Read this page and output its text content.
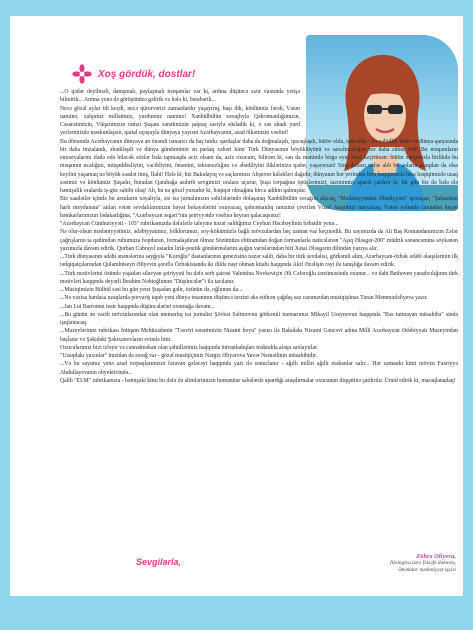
Xoş gördük, dostlar!

...O qədər deyilməli, danışmalı, paylaşmalı məqamlar var ki, ardına düşüncə sızır vaxtında yetişə bilmirik... Amma yenə də görüşünüzə gəlirik və hələ ki, bərabərik...

Necə gözəl aylar idi keçdi, necə qürurverici zamanlardır yaşayırıq, başı dik, könlümüz fərəh, Vətən namino, xalqımız millətimiz, yurdumuz namino! Xanbülbülün soraqlıyla Qəhrəmanlığımızın, Cəsarətimizin, Vüqarımızın ramzı Şuşanı sənətimizin şaqraq səsiylə süsladik ki, o səs abadı yurd yerlərimizdə məskunlaşsın, qartal uçuşuyla dünyaya yayısın Azərbaycanın, azad ölkəmizin vəsfini!

Bu dönəmdə Azərbaycanın dünyaya an önəmli ismarıcı da baş tutdu: qardaşlar daha da doğmalaşdı, qucaqlaşdı, bütöv oldu, tam oldu - bu vahidlik Tanrı və dünya qarşısında bir daha imzalandı, əbədiləşdi və dünya gündəminin ən parlaq xəbəri kimi Türk Dünyasının böyüklüyünü və sarsılmazlığını bir daha sübut etdi! Bu məqamların emosiyalarını ifadə edə biləcək sözlər bəla tapmaqda aciz olsam da, aziz oxucum, bilirəm ki, sən da mənimlə birgə eyni hissi keçirirsən: bütün xalqımızla birlikdə bu məqamın ucalığını, müqəddəsliyini, vacibliyini, önəmini, təkrarsızlığını və əbədiliyini iliklərinizə qədər, yaşayırsan! Sina dolusu nəfəs alıb bu anların uzaqdan da olsa keyfini yaşamaq nə böyük səadət imiş, İlahi! Hələ ki, biz Bakıdayıq və saçlarımızı Abşeron küləkləri dağıdır, dünyanın hər yerindən bizə həqqimizdə bizə həqiqimizdə uzaq səsimiz və könlümüz Şuşadır, buradan Qarabağa asdırib sevgimizi oralara uçurur, Şuşa torpağına öpüşlərimizi, tazimimizi aparıb çatdırır ki, bir gün biz də bələ elə həmişəlik oralarda iş-güc sahibi olaq! Ah, bu nə gözəl yuxudur ki, həqiqət olmağına birca addım qalmışdır.

Biz saadətlər içində bu arzuların xəyalıyla, siz isə jurnalımızın səhifələrində dolaşaraq Xanbülbülün sorağını alacaq, "Mədəniyyətdən Əbədiyyətə" qovuşan, "Şahasidən harlı meydanına" atılan vətən sevdalılarımızın həyat hekayələrini oxuyacaq, qəhrəmanlıq ramzinə çevrilən Vüsal Ataşimizi tanıyacaq, Vətən yolunda canından keçən həmkarlarımızın fədakarlığına, "Azərbaycan əsgəri"nin şeiriyyətdə vəsfinə heyran qalacaqsınız!

"Azərbaycan Cümhuriyyəti - 103" rubrikamızda dəfələrlə taleyinə nəzər saldığımız Ceyhun Hacıbəylinin bəhsidir yenə...

Nə olur-olsun mədəniyyətimiz, ədəbiyyatımız, folklorumuz, soy-kökümüzlə bağlı mövzulardan heç zaman vaz keçmədik. Bu sayımızda da Ali Baş Komandanımızın Zəfər çağrışlarını ta qədimdən ruhumuza hopduran, formalaşdıran ölməz Sözümüzə ehtiramdan doğan fərmanlarla naticələnən "Aşıq Ələsgər-200" müdrik sənəncəmina söykənən yazımızla davam edirik. Qurban Cəbrayıl ustadın lirik-poetik göndərmələrini aşığın varislərindən biri Xətai Ələsgərin dilindən yazıya alır.

...Türk dünyasının ədəbi ənənələrinə sayğıyla "Koroğlu" dastanlarının genezisinə nəzər salıb, daha bir türk sevdalısı, görkəmli alim, Azərbaycan-özbək ədəbi əlaqələrinin ilk tədqiqatçılarından Qulamhüseyn Əliyevin şərəflə Özbəkistanda iki dildə nəşr olunan kitabı haqqında Akif Əzəlişin rəyi ilə tanışlığa davam edirik.

...Türk motivlərini özündə yaşadan silavyan şeiriyyəti bu dəfə serb şairəsi Valentina Novkoviçin Əli Cəfəroğlu tərcüməsində oxunur... və dahi Bethoven yaradıcılığının türk motivləri haqqında deyərli İbrahim Nəbioğlunun "Düşüncələr"i ilə tacılanır.

...Musiqimizin Bülbül səsi bu gün yenə Şuşadan gəlir, özünün də, oğlunun da...

...Nə vaxtsa hardasa uzaqlarda porvariş tapıb yeni dünya insanının düşüncə tərzini əks etdirən çağdaş saz cazımızdan musiqişünas Turan Məmmədəliyeva yazır.

...Jan Lui Barronun teatr haqqında düşüncələrini oxumağa davam...

...Bu günün ən vacib mövzularından olan memarlıq isə jurnalist Şövkət Səlimovun görkəmli memarımız Mikayil Useynovun haqqında "Bəs tutmayan müsahibə" sində işıqlanacaq.

...Muzeylərimiz rubrikası İntiqam Mehtizadənin "Təsviri sənətimizin Nizami boyu" yazısı ilə Bakıdakı Nizami Gəncəvi adına Milli Azərbaycan Ədəbiyyatı Muzeyindən başlanır və Şəkidəki Şəkixanovların evində bitir.

Oxucularımız bizi izləyir və cənnətməkan olan şəhidlərimiz haqqında ünvanladıqları məktubla aləqə saxlayırlar.

"Uzaqdakı yaxınlar" imzidan da sorağ var - gözəl musiqiçimiz Nargiz Əliyarova Yavər Nemətlinin müsahibidir.

...Və bu sayımız yenə azad torpaqlarımızın fəravan gələcəyi haqqında yazı ilə sonuclanır - ağıllı millət ağıllı məkanlar salır... Hər zamankı kimi mövzu Faxriyyə Abdullayevanın obyektivində...

Qalib "ELM" rubrikamıza - həmişəki kimi bu dəfə də alimlərimizin humanitar sahələrdə apardığı araşdırmalar oxucunun diqqətinə çatdırılır. Ümid edirik ki, maraqlanadaq!

Sevgilərla,
Zöhrə Əliyeva,
filologiya üzrə fəlsəfə doktoru,
Əməkdar mədəniyyət işçisi
